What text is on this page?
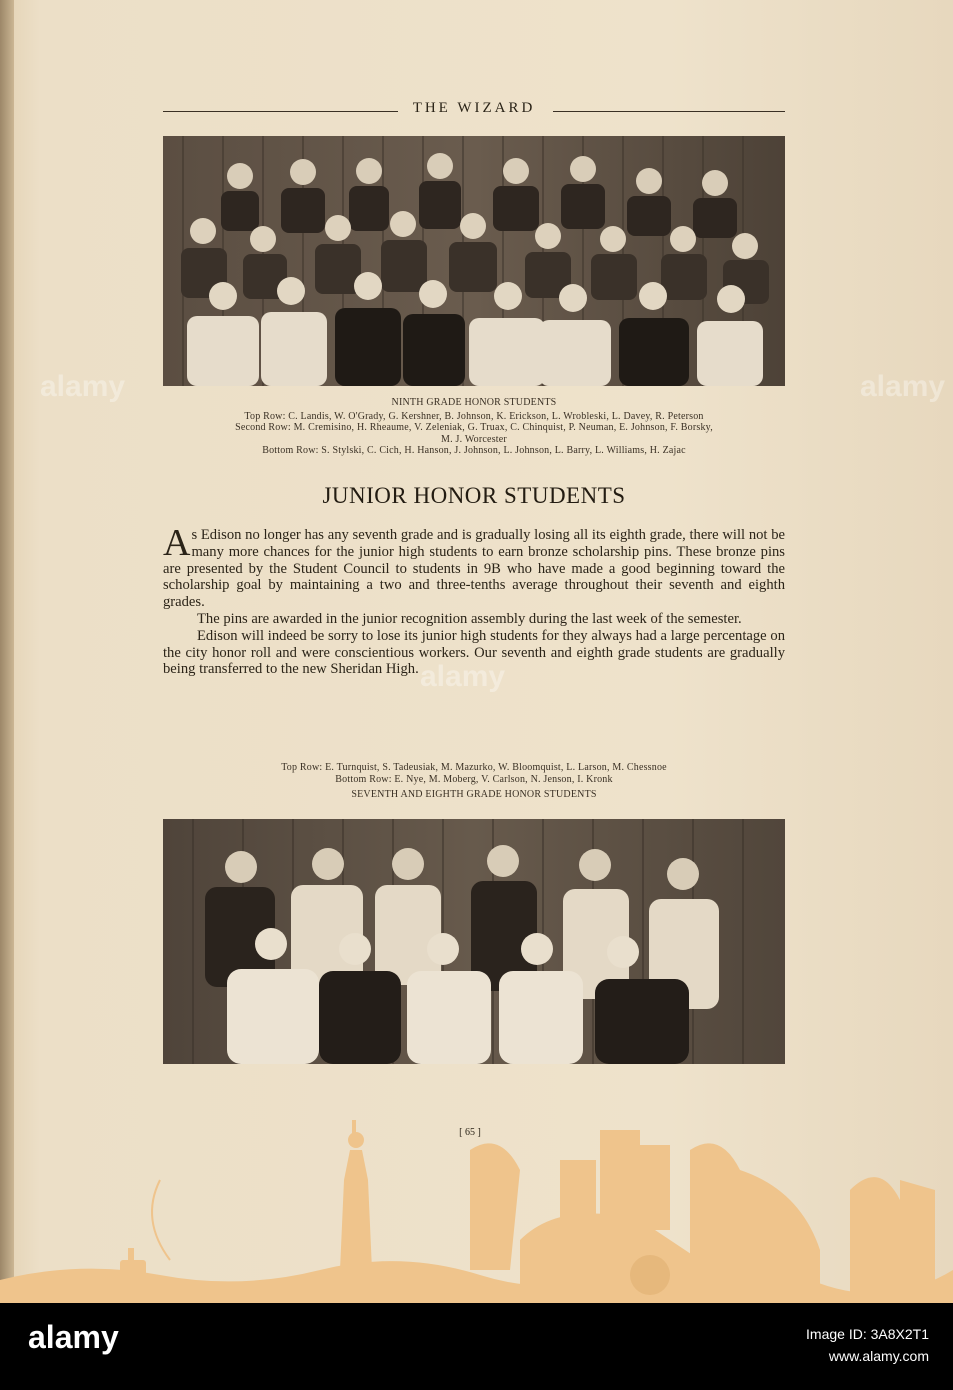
THE WIZARD
NINTH GRADE HONOR STUDENTS
Top Row: C. Landis, W. O'Grady, G. Kershner, B. Johnson, K. Erickson, L. Wrobleski, L. Davey, R. Peterson
Second Row: M. Cremisino, H. Rheaume, V. Zeleniak, G. Truax, C. Chinquist, P. Neuman, E. Johnson, F. Borsky,
M. J. Worcester
Bottom Row: S. Stylski, C. Cich, H. Hanson, J. Johnson, L. Johnson, L. Barry, L. Williams, H. Zajac
JUNIOR HONOR STUDENTS

As Edison no longer has any seventh grade and is gradually losing all its eighth grade, there will not be many more chances for the junior high students to earn bronze scholarship pins. These bronze pins are presented by the Student Council to students in 9B who have made a good beginning toward the scholarship goal by maintaining a two and three-tenths average throughout their seventh and eighth grades.

The pins are awarded in the junior recognition assembly during the last week of the semester.

Edison will indeed be sorry to lose its junior high students for they always had a large percentage on the city honor roll and were conscientious workers. Our seventh and eighth grade students are gradually being transferred to the new Sheridan High.

Top Row: E. Turnquist, S. Tadeusiak, M. Mazurko, W. Bloomquist, L. Larson, M. Chessnoe
Bottom Row: E. Nye, M. Moberg, V. Carlson, N. Jenson, I. Kronk
SEVENTH AND EIGHTH GRADE HONOR STUDENTS
[ 65 ]
alamy
alamy
alamy
alamy	Image ID: 3A8X2T1
www.alamy.com
